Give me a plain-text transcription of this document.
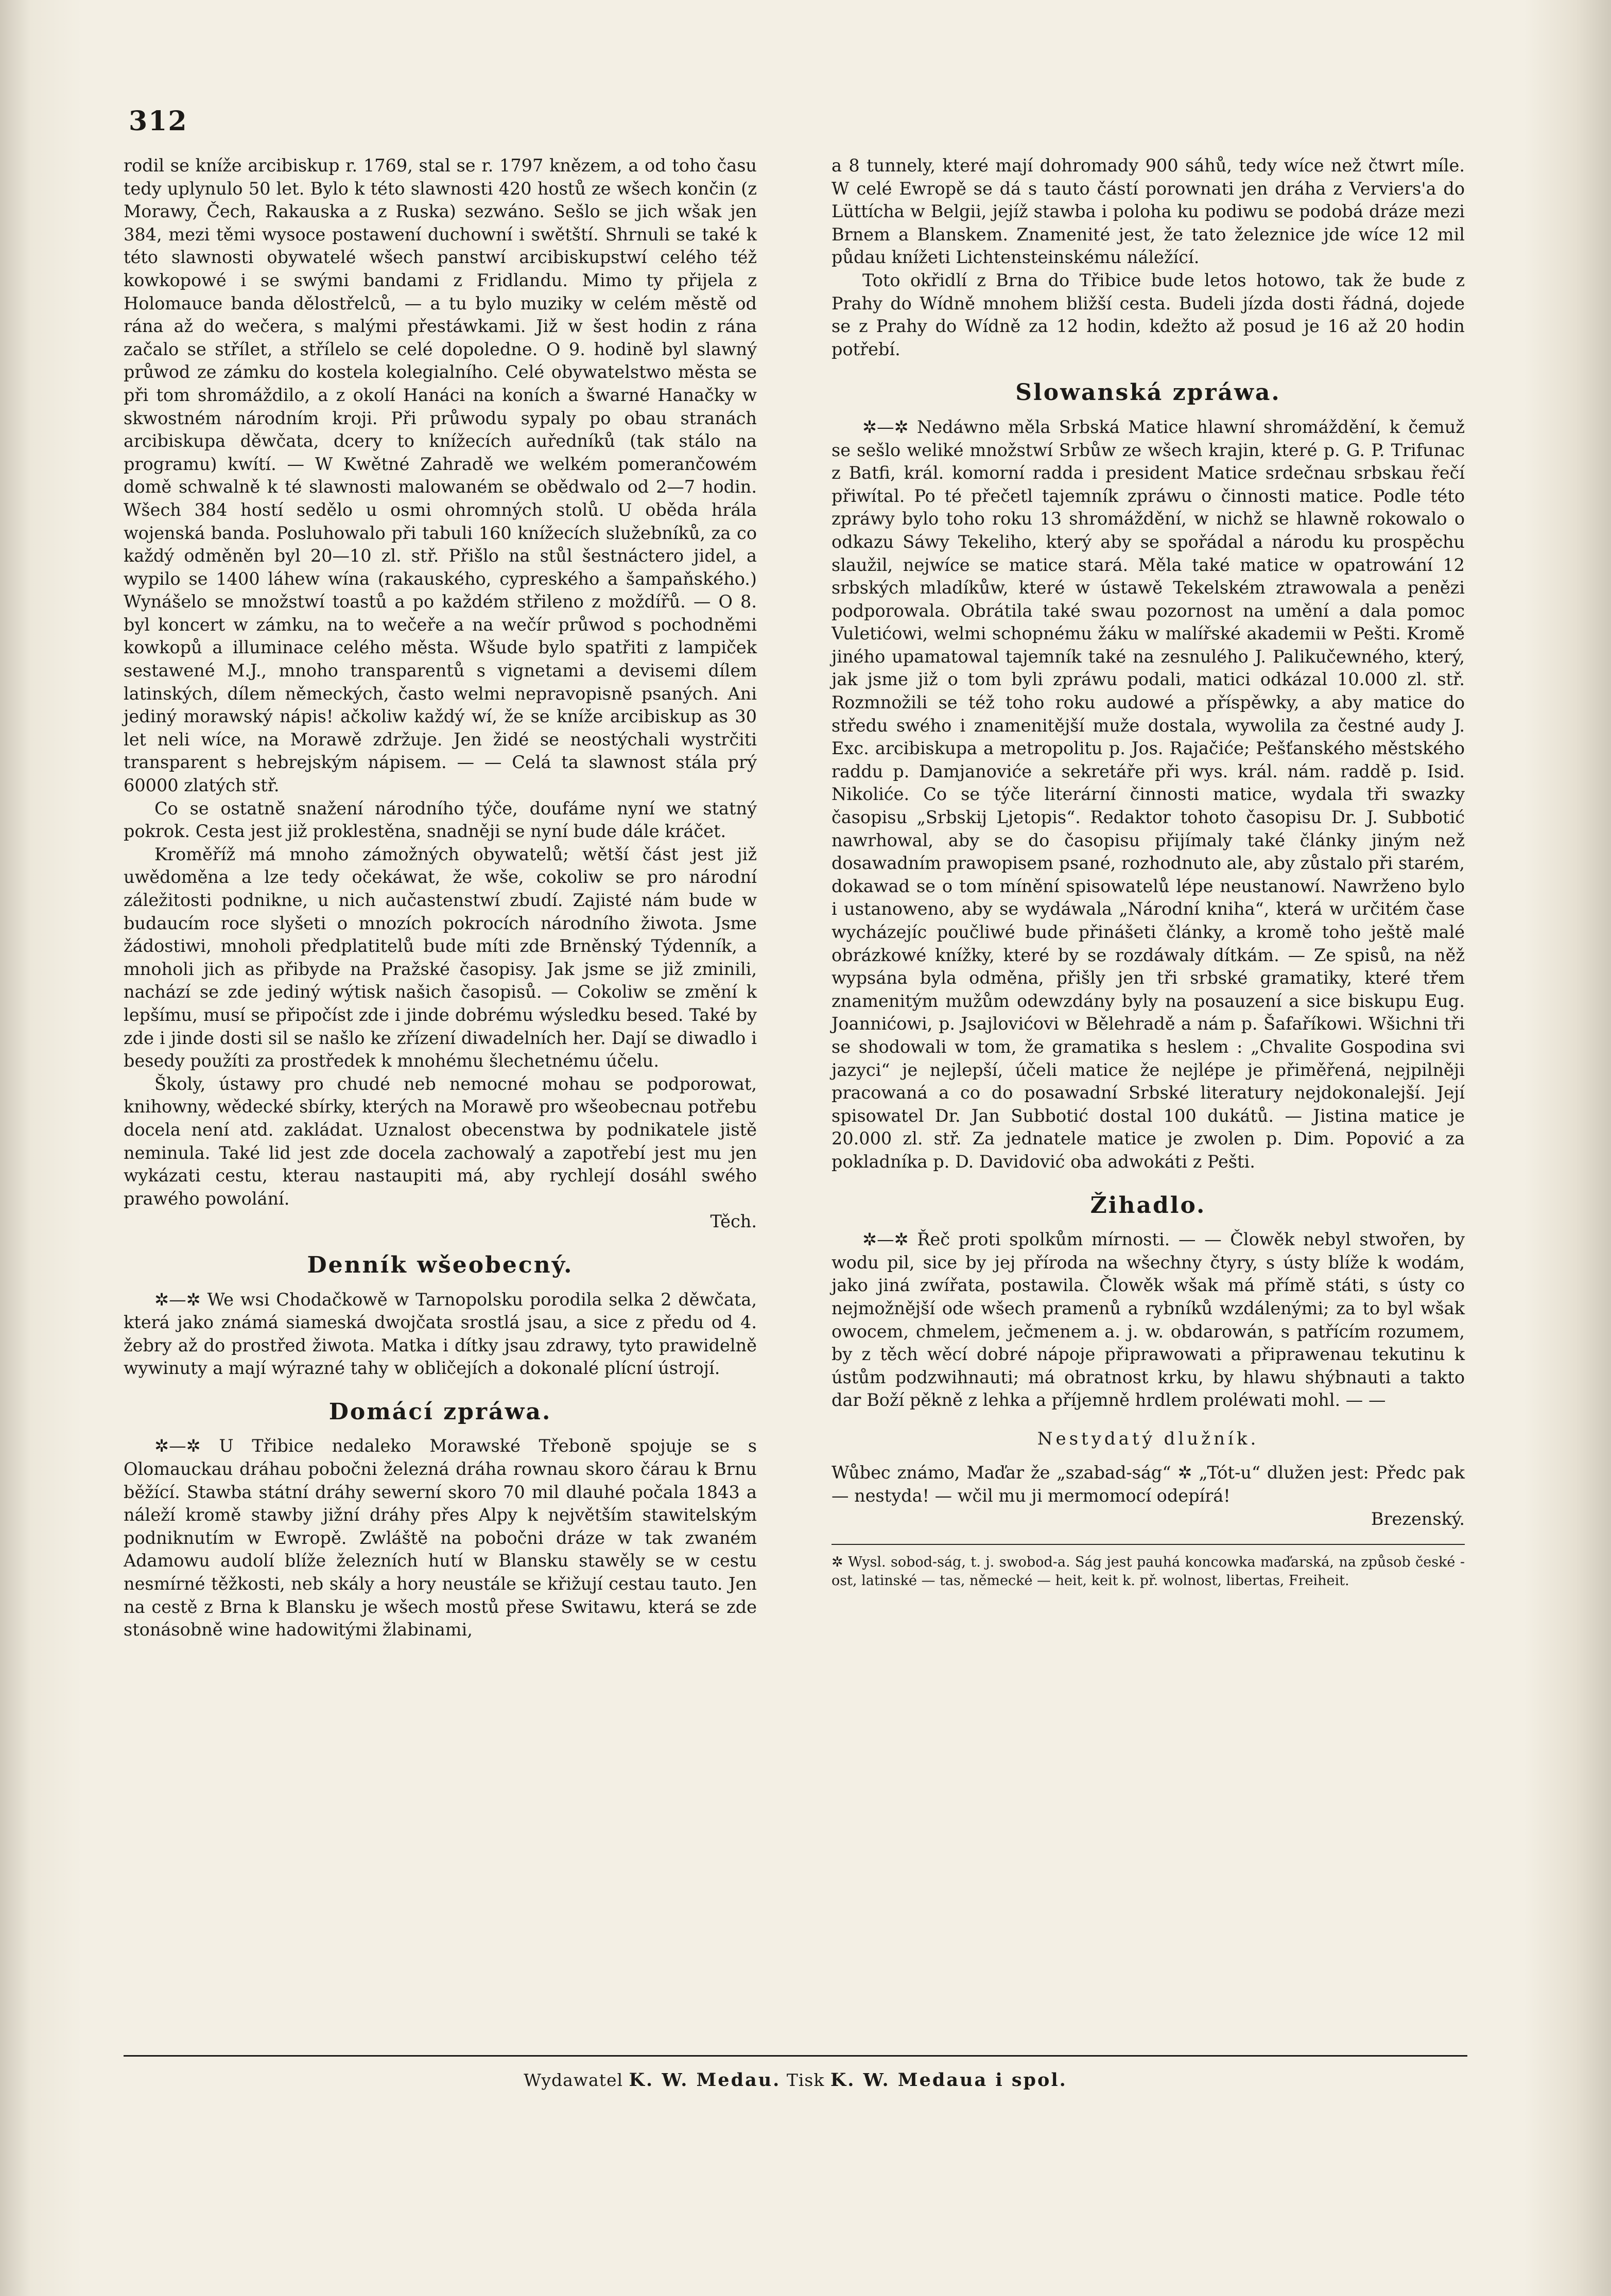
312

rodil se kníže arcibiskup r. 1769, stal se r. 1797 knězem, a od toho času tedy uplynulo 50 let. Bylo k této slawnosti 420 hostů ze wšech končin (z Morawy, Čech, Rakauska a z Ruska) sezwáno. Sešlo se jich wšak jen 384, mezi těmi wysoce postawení duchowní i swětští. Shrnuli se také k této slawnosti obywatelé wšech panstwí arcibiskupstwí celého též kowkopowé i se swými bandami z Fridlandu. Mimo ty přijela z Holomauce banda dělostřelců, — a tu bylo muziky w celém městě od rána až do wečera, s malými přestáwkami. Již w šest hodin z rána začalo se střílet, a střílelo se celé dopoledne. O 9. hodině byl slawný průwod ze zámku do kostela kolegialního. Celé obywatelstwo města se při tom shromáždilo, a z okolí Hanáci na koních a šwarné Hanačky w skwostném národním kroji. Při průwodu sypaly po obau stranách arcibiskupa děwčata, dcery to knížecích auředníků (tak stálo na programu) kwítí. — W Kwětné Zahradě we welkém pomerančowém domě schwalně k té slawnosti malowaném se obědwalo od 2—7 hodin. Wšech 384 hostí sedělo u osmi ohromných stolů. U oběda hrála wojenská banda. Posluhowalo při tabuli 160 knížecích služebníků, za co každý odměněn byl 20—10 zl. stř. Přišlo na stůl šestnáctero jidel, a wypilo se 1400 láhew wína (rakauského, cypreského a šampaňského.) Wynášelo se množstwí toastů a po každém střileno z moždířů. — O 8. byl koncert w zámku, na to wečeře a na wečír průwod s pochodněmi kowkopů a illuminace celého města. Wšude bylo spatřiti z lampiček sestawené M.J., mnoho transparentů s vignetami a devisemi dílem latinských, dílem německých, často welmi nepravopisně psaných. Ani jediný morawský nápis! ačkoliw každý wí, že se kníže arcibiskup as 30 let neli wíce, na Morawě zdržuje. Jen židé se neostýchali wystrčiti transparent s hebrejským nápisem. — — Celá ta slawnost stála prý 60000 zlatých stř.

Co se ostatně snažení národního týče, doufáme nyní we statný pokrok. Cesta jest již proklestěna, snadněji se nyní bude dále kráčet.

Kroměříž má mnoho zámožných obywatelů; wětší část jest již uwědoměna a lze tedy očekáwat, že wše, cokoliw se pro národní záležitosti podnikne, u nich aučastenstwí zbudí. Zajisté nám bude w budaucím roce slyšeti o mnozích pokrocích národního žiwota. Jsme žádostiwi, mnoholi předplatitelů bude míti zde Brněnský Týdenník, a mnoholi jich as přibyde na Pražské časopisy. Jak jsme se již zminili, nachází se zde jediný wýtisk našich časopisů. — Cokoliw se změní k lepšímu, musí se připočíst zde i jinde dobrému wýsledku besed. Také by zde i jinde dosti sil se našlo ke zřízení diwadelních her. Dají se diwadlo i besedy použíti za prostředek k mnohému šlechetnému účelu.

Školy, ústawy pro chudé neb nemocné mohau se podporowat, knihowny, wědecké sbírky, kterých na Morawě pro wšeobecnau potřebu docela není atd. zakládat. Uznalost obecenstwa by podnikatele jistě neminula. Také lid jest zde docela zachowalý a zapotřebí jest mu jen wykázati cestu, kterau nastaupiti má, aby rychlejí dosáhl swého prawého powolání.

Těch.
Denník wšeobecný.

✲—✲ We wsi Chodačkowě w Tarnopolsku porodila selka 2 děwčata, která jako známá siameská dwojčata srostlá jsau, a sice z předu od 4. žebry až do prostřed žiwota. Matka i dítky jsau zdrawy, tyto prawidelně wywinuty a mají wýrazné tahy w obličejích a dokonalé plícní ústrojí.

Domácí zpráwa.

✲—✲ U Třibice nedaleko Morawské Třebonĕ spojuje se s Olomauckau dráhau pobočni železná dráha rownau skoro čárau k Brnu běžící. Stawba státní dráhy sewerní skoro 70 mil dlauhé počala 1843 a náleží kromě stawby jižní dráhy přes Alpy k největším stawitelským podniknutím w Ewropě. Zwláště na pobočni dráze w tak zwaném Adamowu audolí blíže železních hutí w Blansku stawěly se w cestu nesmírné těžkosti, neb skály a hory neustále se křižují cestau tauto. Jen na cestě z Brna k Blansku je wšech mostů přese Switawu, která se zde stonásobně wine hadowitými žlabinami,

a 8 tunnely, které mají dohromady 900 sáhů, tedy wíce než čtwrt míle. W celé Ewropě se dá s tauto částí porownati jen dráha z Verviers'a do Lüttícha w Belgii, jejíž stawba i poloha ku podiwu se podobá dráze mezi Brnem a Blanskem. Znamenité jest, že tato železnice jde wíce 12 mil půdau knížeti Lichtensteinskému náležící.

Toto okřidlí z Brna do Třibice bude letos hotowo, tak že bude z Prahy do Wídně mnohem bližší cesta. Budeli jízda dosti řádná, dojede se z Prahy do Wídně za 12 hodin, kdežto až posud je 16 až 20 hodin potřebí.

Slowanská zpráwa.

✲—✲ Nedáwno měla Srbská Matice hlawní shromáždění, k čemuž se sešlo weliké množstwí Srbůw ze wšech krajin, které p. G. P. Trifunac z Batfi, král. komorní radda i president Matice srdečnau srbskau řečí přiwítal. Po té přečetl tajemník zpráwu o činnosti matice. Podle této zpráwy bylo toho roku 13 shromáždění, w nichž se hlawně rokowalo o odkazu Sáwy Tekeliho, který aby se spořádal a národu ku prospěchu slaužil, nejwíce se matice stará. Měla také matice w opatrowání 12 srbských mladíkůw, které w ústawě Tekelském ztrawowala a penězi podporowala. Obrátila také swau pozornost na umění a dala pomoc Vuletićowi, welmi schopnému žáku w malířské akademii w Pešti. Kromě jiného upamatowal tajemník také na zesnulého J. Palikučewného, který, jak jsme již o tom byli zpráwu podali, matici odkázal 10.000 zl. stř. Rozmnožili se též toho roku audowé a příspěwky, a aby matice do středu swého i znamenitější muže dostala, wywolila za čestné audy J. Exc. arcibiskupa a metropolitu p. Jos. Rajačiće; Pešťanského městského raddu p. Damjanoviće a sekretáře při wys. král. nám. raddě p. Isid. Nikoliće. Co se týče literární činnosti matice, wydala tři swazky časopisu „Srbskij Ljetopis“. Redaktor tohoto časopisu Dr. J. Subbotić nawrhowal, aby se do časopisu přijímaly také články jiným než dosawadním prawopisem psané, rozhodnuto ale, aby zůstalo při starém, dokawad se o tom mínění spisowatelů lépe neustanowí. Nawrženo bylo i ustanoweno, aby se wydáwala „Národní kniha“, která w určitém čase wycházejíc poučliwé bude přinášeti články, a kromě toho ještě malé obrázkowé knížky, které by se rozdáwaly dítkám. — Ze spisů, na něž wypsána byla odměna, přišly jen tři srbské gramatiky, které třem znamenitým mužům odewzdány byly na posauzení a sice biskupu Eug. Joannićowi, p. Jsajlovićovi w Bělehradě a nám p. Šafaříkowi. Wšichni tři se shodowali w tom, že gramatika s heslem : „Chvalite Gospodina svi jazyci“ je nejlepší, účeli matice že nejlépe je přiměřená, nejpilněji pracowaná a co do posawadní Srbské literatury nejdokonalejší. Její spisowatel Dr. Jan Subbotić dostal 100 dukátů. — Jistina matice je 20.000 zl. stř. Za jednatele matice je zwolen p. Dim. Popović a za pokladníka p. D. Davidović oba adwokáti z Pešti.

Žihadlo.

✲—✲ Řeč proti spolkům mírnosti. — — Člowěk nebyl stwořen, by wodu pil, sice by jej příroda na wšechny čtyry, s ústy blíže k wodám, jako jiná zwířata, postawila. Člowěk wšak má přímě státi, s ústy co nejmožnější ode wšech pramenů a rybníků wzdálenými; za to byl wšak owocem, chmelem, ječmenem a. j. w. obdarowán, s patřícím rozumem, by z těch wěcí dobré nápoje připrawowati a připrawenau tekutinu k ústům podzwihnauti; má obratnost krku, by hlawu shýbnauti a takto dar Boží pěkně z lehka a příjemně hrdlem proléwati mohl. — —

Nestydatý dlužník.

Wůbec známo, Maďar že „szabad-ság“ ✲ „Tót-u“ dlužen jest: Předc pak — nestyda! — wčil mu ji mermomocí odepírá!

Brezenský.
✲ Wysl. sobod-ság, t. j. swobod-a. Ság jest pauhá koncowka maďarská, na způsob české - ost, latinské — tas, německé — heit, keit k. př. wolnost, libertas, Freiheit.
Wydawatel K. W. Medau. Tisk K. W. Medaua i spol.
